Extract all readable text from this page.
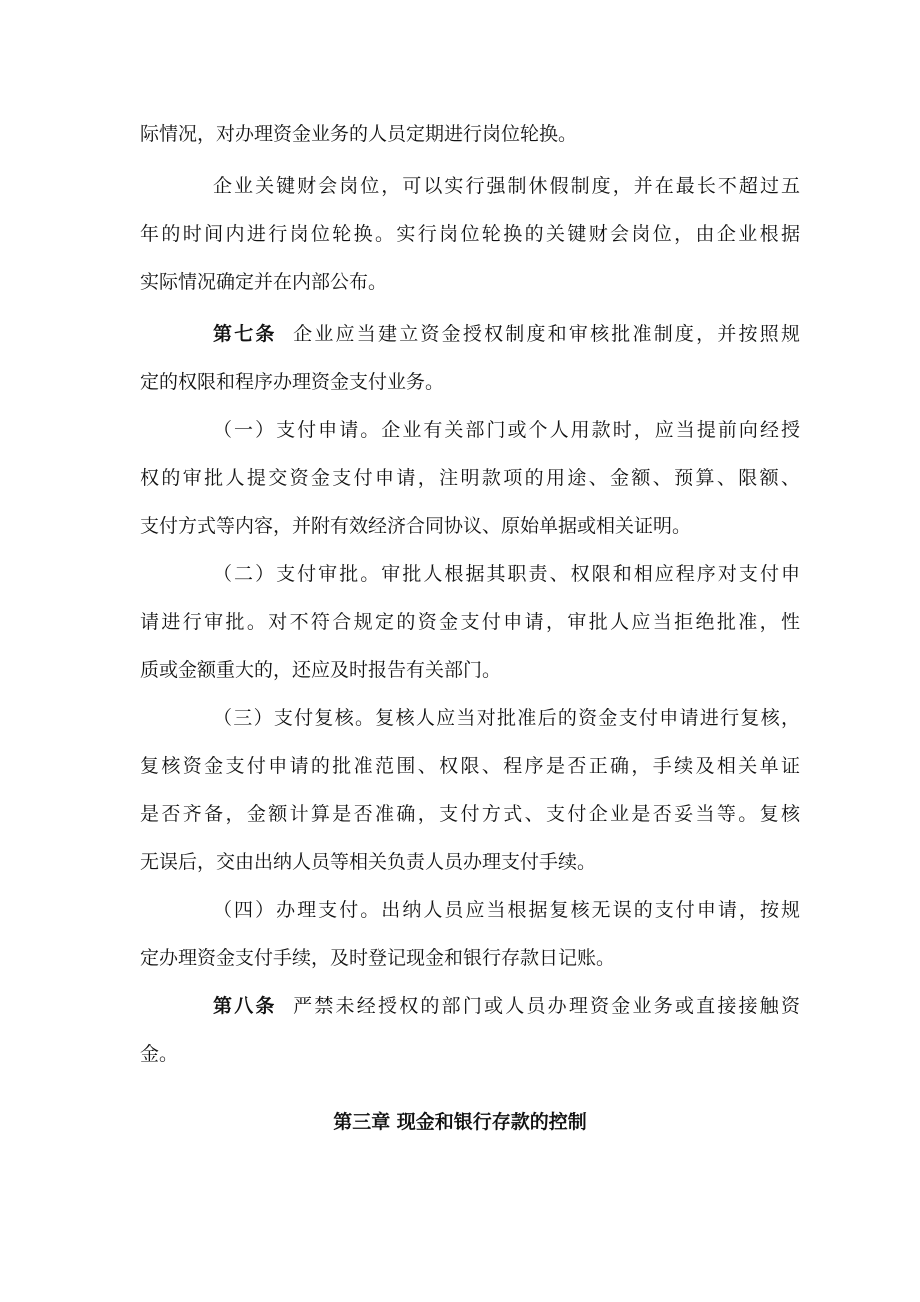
际情况，对办理资金业务的人员定期进行岗位轮换。
企业关键财会岗位，可以实行强制休假制度，并在最长不超过五
年的时间内进行岗位轮换。实行岗位轮换的关键财会岗位，由企业根据
实际情况确定并在内部公布。
第七条 企业应当建立资金授权制度和审核批准制度，并按照规
定的权限和程序办理资金支付业务。
（一）支付申请。企业有关部门或个人用款时，应当提前向经授
权的审批人提交资金支付申请，注明款项的用途、金额、预算、限额、
支付方式等内容，并附有效经济合同协议、原始单据或相关证明。
（二）支付审批。审批人根据其职责、权限和相应程序对支付申
请进行审批。对不符合规定的资金支付申请，审批人应当拒绝批准，性
质或金额重大的，还应及时报告有关部门。
（三）支付复核。复核人应当对批准后的资金支付申请进行复核，
复核资金支付申请的批准范围、权限、程序是否正确，手续及相关单证
是否齐备，金额计算是否准确，支付方式、支付企业是否妥当等。复核
无误后，交由出纳人员等相关负责人员办理支付手续。
（四）办理支付。出纳人员应当根据复核无误的支付申请，按规
定办理资金支付手续，及时登记现金和银行存款日记账。
第八条 严禁未经授权的部门或人员办理资金业务或直接接触资
金。
第三章 现金和银行存款的控制
